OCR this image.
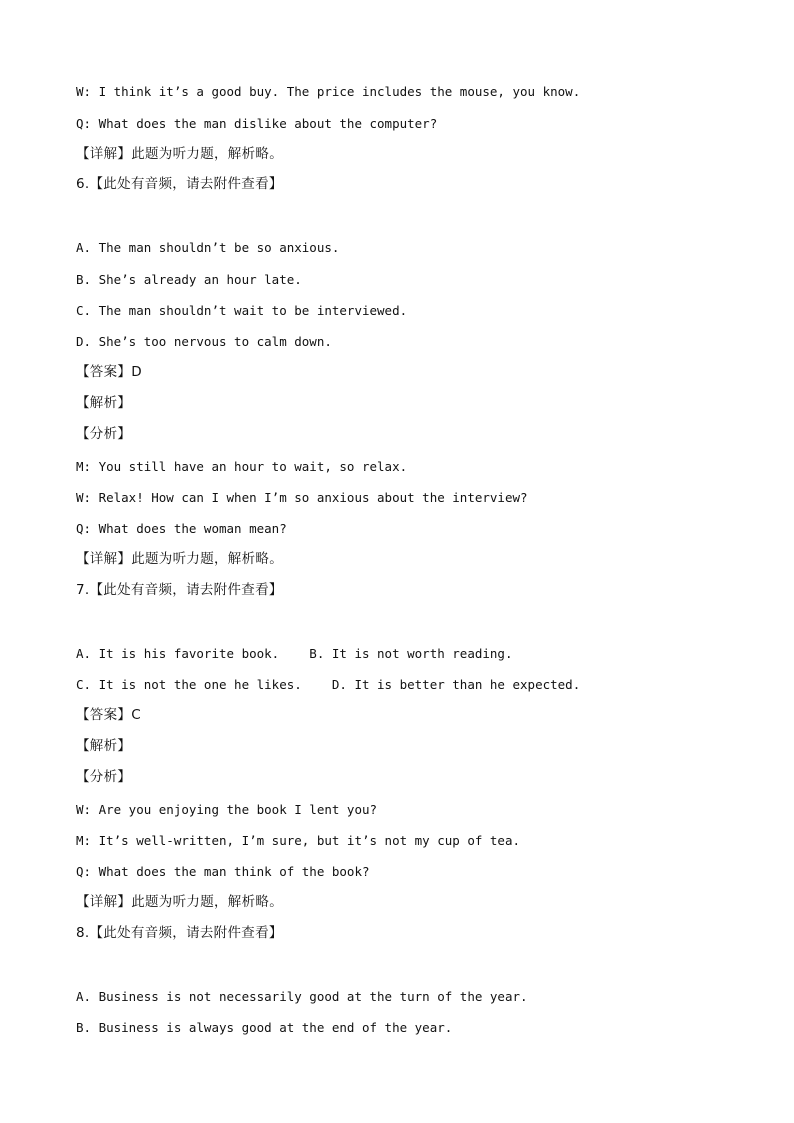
W: I think it’s a good buy. The price includes the mouse, you know.
Q: What does the man dislike about the computer?
【详解】此题为听力题，解析略。
6.【此处有音频，请去附件查看】
A. The man shouldn’t be so anxious.
B. She’s already an hour late.
C. The man shouldn’t wait to be interviewed.
D. She’s too nervous to calm down.
【答案】D
【解析】
【分析】
M: You still have an hour to wait, so relax.
W: Relax! How can I when I’m so anxious about the interview?
Q: What does the woman mean?
【详解】此题为听力题，解析略。
7.【此处有音频，请去附件查看】
A. It is his favorite book.    B. It is not worth reading.
C. It is not the one he likes.    D. It is better than he expected.
【答案】C
【解析】
【分析】
W: Are you enjoying the book I lent you?
M: It’s well-written, I’m sure, but it’s not my cup of tea.
Q: What does the man think of the book?
【详解】此题为听力题，解析略。
8.【此处有音频，请去附件查看】
A. Business is not necessarily good at the turn of the year.
B. Business is always good at the end of the year.
